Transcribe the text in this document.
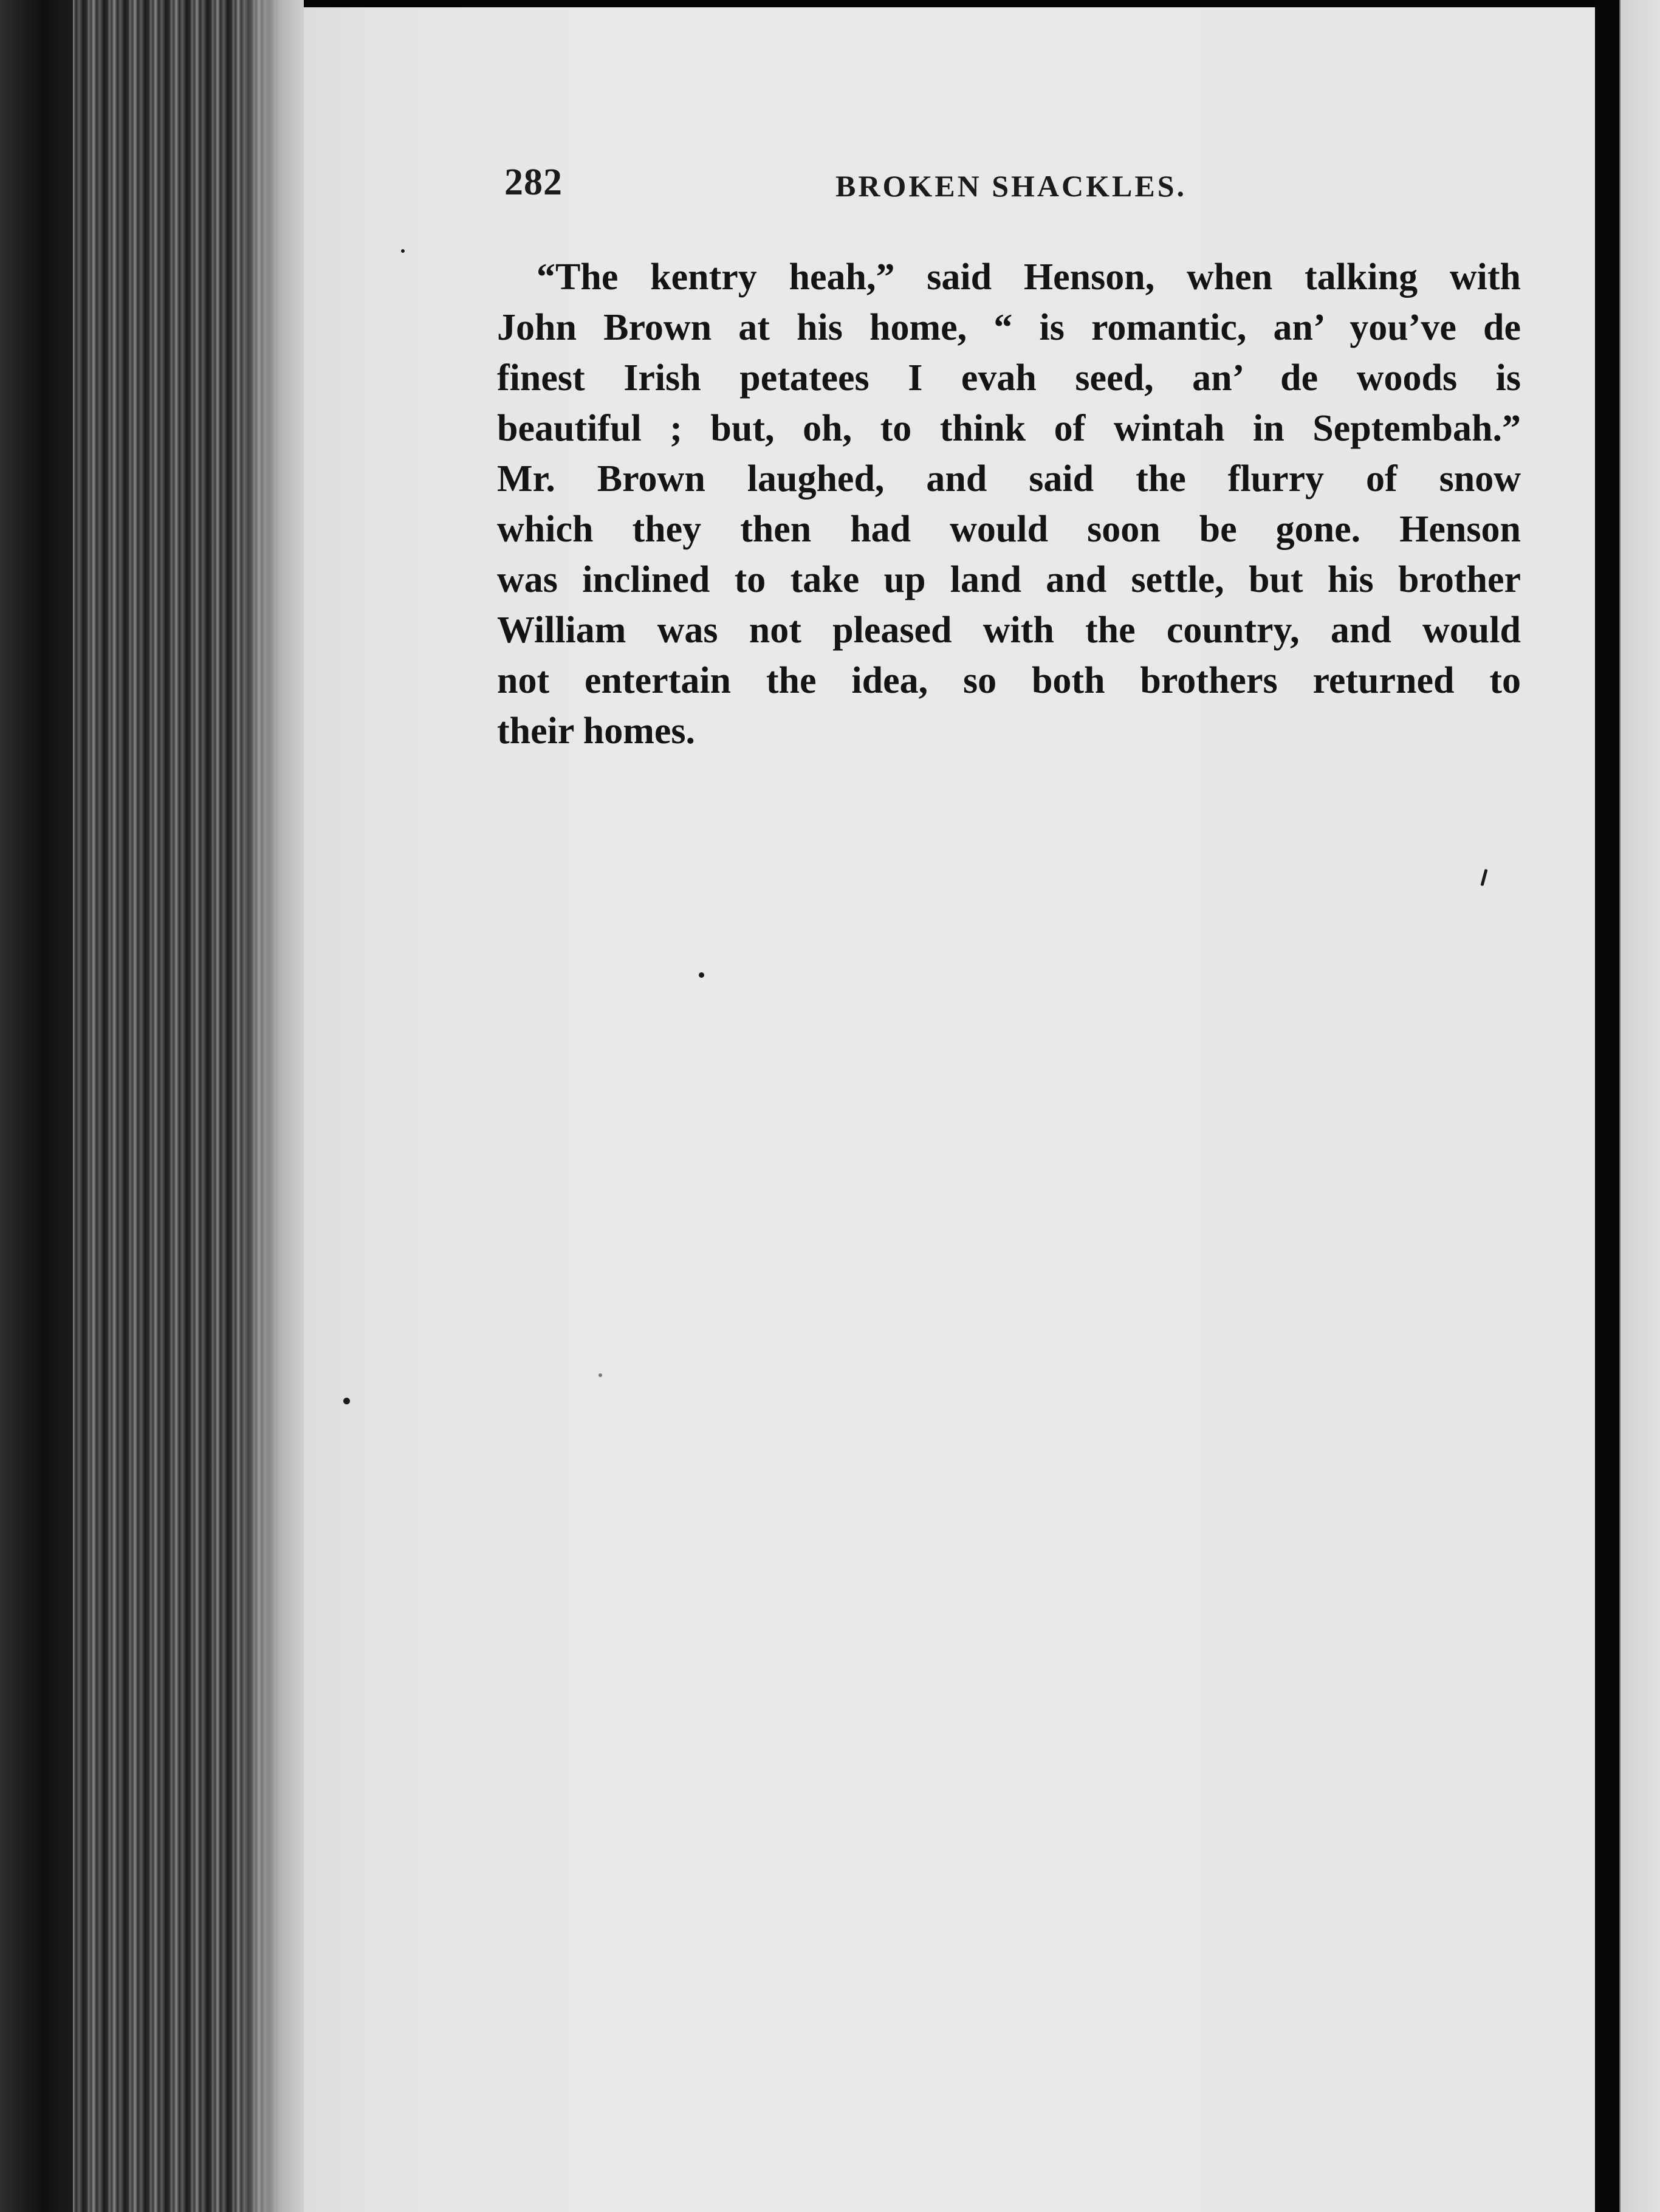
282	BROKEN SHACKLES.
“The kentry heah,” said Henson, when talking with
John Brown at his home, “ is romantic, an’ you’ve de
finest Irish petatees I evah seed, an’ de woods is
beautiful ; but, oh, to think of wintah in Septembah.”
Mr. Brown laughed, and said the flurry of snow
which they then had would soon be gone. Henson
was inclined to take up land and settle, but his brother
William was not pleased with the country, and would
not entertain the idea, so both brothers returned to
their homes.
